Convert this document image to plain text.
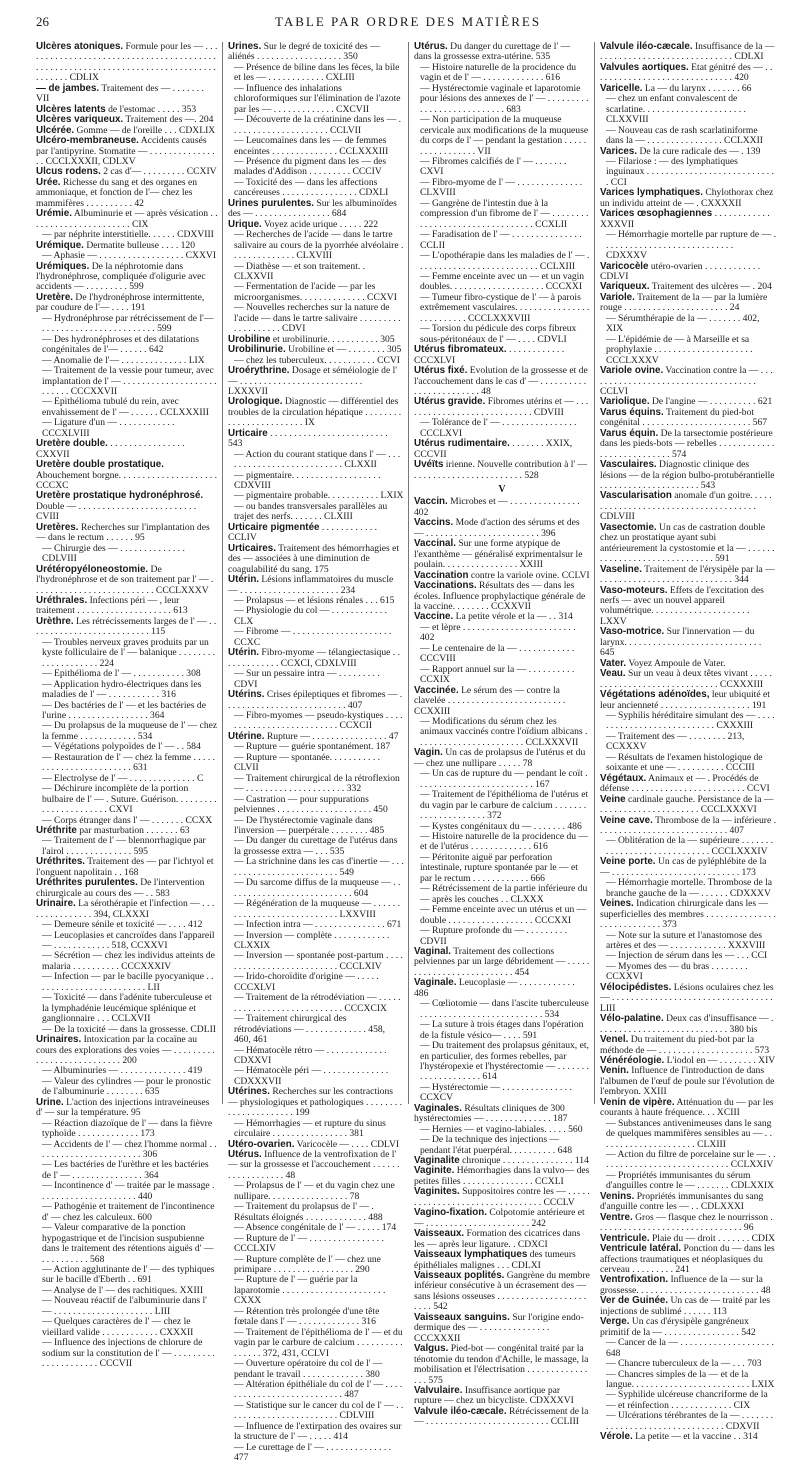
26	TABLE PAR ORDRE DES MATIÈRES

Ulcères atoniques. Formule pour les — . . . . . . . . . . . . . . . . . . . . . . . . . . . . . . . . . . . . . . . . . . . . . . . . . . . . . . . . . . . . . . . . . . . . . . . . . . . . . . . . . . . . . . CDLIX

— de jambes. Traitement des — . . . . . . . VII

Ulcères latents de l'estomac . . . . . 353

Ulcères variqueux. Traitement des —. 204

Ulcérée. Gomme — de l'oreille . . . CDXLIX

Ulcéro-membraneuse. Accidents causés par l'antipyrine. Stomatite — . . . . . . . . . . . . . . . . CCCLXXXII, CDLXV

Ulcus rodens. 2 cas d'— . . . . . . . . . CCXIV

Urée. Richesse du sang et des organes en ammoniaque, et fonction de l'— chez les mammifères . . . . . . . . . . 42

Urémie. Albuminurie et — après vésication . . . . . . . . . . . . . . . . . . . . . . CIX

— par néphrite interstitielle. . . . . . CDXVIII

Urémique. Dermatite bulleuse . . . . 120

— Aphasie — . . . . . . . . . . . . . . . . . . CXXVI

Urémiques. De la néphrotomie dans l'hydronéphrose, compliquée d'oligurie avec accidents — . . . . . . . . . 599

Uretère. De l'hydronéphrose intermittente, par coudure de l'— . . . . 191

— Hydronéphrose par rétrécissement de l'— . . . . . . . . . . . . . . . . . . . . . . . . 599

— Des hydronéphroses et des dilatations congénitales de l'— . . . . . . 642

— Anomalie de l'— . . . . . . . . . . . . . . LIX

— Traitement de la vessie pour tumeur, avec implantation de l' — . . . . . . . . . . . . . . . . . . . . . . . . . . CCCXXVII

— Epithélioma tubulé du rein, avec envahissement de l' — . . . . . . CCLXXXIII

— Ligature d'un — . . . . . . . . . . . . CCCXLVIII

Uretère double. . . . . . . . . . . . . . . . . CXXVII

Uretère double prostatique. Abouchement borgne. . . . . . . . . . . . . . . . . . . . . CCCXC

Uretère prostatique hydronéphrosé. Double — . . . . . . . . . . . . . . . . . . . . . . . . . CVIII

Uretères. Recherches sur l'implantation des — dans le rectum . . . . . . 95

— Chirurgie des — . . . . . . . . . . . . . . CDLVIII

Urétéropyéloneostomie. De l'hydronéphrose et de son traitement par l' — . . . . . . . . . . . . . . . . . . . . . . . . . . CCCLXXXV

Uréthrales. Infections péri — , leur traitement . . . . . . . . . . . . . . . . . . . . 613

Urèthre. Les rétrécissements larges de l' — . . . . . . . . . . . . . . . . . . . . . . . . . . 115

— Troubles nerveux graves produits par un kyste folliculaire de l' — balanique . . . . . . . . . . . . . . . . . . . . 224

— Epithélioma de l' — . . . . . . . . . . . 308

— Application hydro-électriques dans les maladies de l' — . . . . . . . . . . . 316

— Des bactéries de l' — et les bactéries de l'urine . . . . . . . . . . . . . . . . . 364

— Du prolapsus de la muqueuse de l' — chez la femme . . . . . . . . . . . . 534

— Végétations polypoïdes de l' — . . 584

— Restauration de l' — chez la femme . . . . . . . . . . . . . . . . . . . . . . . . 631

— Electrolyse de l' — . . . . . . . . . . . . . . C

— Déchirure incomplète de la portion bulbaire de l' — . Suture. Guérison. . . . . . . . . . . . . . . . . . . . . . . CXVI

— Corps étranger dans l' — . . . . . . . CCXX

Uréthrite par masturbation . . . . . . . 63

— Traitement de l' — blennorrhagique par l'airol . . . . . . . . . . . . . . 595

Uréthrites. Traitement des — par l'ichtyol et l'onguent napolitain . . 168

Uréthrites purulentes. De l'intervention chirurgicale au cours des — . . 583

Urinaire. La sérothérapie et l'infection — . . . . . . . . . . . . . . . 394, CLXXXI

— Demeure sénile et toxicité — . . . . 412

— Leucoplasies et cancroïdes dans l'appareil — . . . . . . . . . . . . 518, CCXXVI

— Sécrétion — chez les individus atteints de malaria . . . . . . . . . . CCCXXXIV

— Infection — par le bacille pyocyanique . . . . . . . . . . . . . . . . . . . . . . . . LII

— Toxicité — dans l'adénite tuberculeuse et la lymphadénie leucémique splénique et ganglionnaire . . . CCLXVII

— De la toxicité — dans la grossesse. CDLII

Urinaires. Intoxication par la cocaïne au cours des explorations des voies — . . . . . . . . . . . . . . . . . . . . . . . . . . . 200

— Albuminuries — . . . . . . . . . . . . . . 419

— Valeur des cylindres — pour le pronostic de l'albuminurie . . . . . . . . 635

Urine. L'action des injections intraveineuses d' — sur la température. 95

— Réaction diazoïque de l' — dans la fièvre typhoïde . . . . . . . . . . . . . 173

— Accidents de l' — chez l'homme normal . . . . . . . . . . . . . . . . . . . . . . . 306

— Les bactéries de l'urèthre et les bactéries de l' — . . . . . . . . . . . . . . . 364

— Incontinence d' — traitée par le massage . . . . . . . . . . . . . . . . . . . . . 440

— Pathogénie et traitement de l'incontinence d' — chez les calculeux. 600

— Valeur comparative de la ponction hypogastrique et de l'incision suspubienne dans le traitement des rétentions aiguës d' — . . . . . . . . . . 568

— Action agglutinante de l' — des typhiques sur le bacille d'Eberth . . 691

— Analyse de l' — des rachitiques. XXIII

— Nouveau réactif de l'albuminurie dans l' — . . . . . . . . . . . . . . . . . . . . . LIII

— Quelques caractères de l' — chez le vieillard valide . . . . . . . . . . . . CXXXII

— Influence des injections de chlorure de sodium sur la constitution de l' — . . . . . . . . . . . . . . . . . . . . . CCCVII

Urines. Sur le degré de toxicité des — aliénés . . . . . . . . . . . . . . . . . . 350

— Présence de biline dans les fèces, la bile et les — . . . . . . . . . . . . CXLIII

— Influence des inhalations chloroformiques sur l'élimination de l'azote par les — . . . . . . . . . . . . . CXCVII

— Découverte de la créatinine dans les — . . . . . . . . . . . . . . . . . . . . . CCLVII

— Leucomaïnes dans les — de femmes enceintes . . . . . . . . . . . . . . CCLXXXIII

— Présence du pigment dans les — des malades d'Addison . . . . . . . . . CCCIV

— Toxicité des — dans les affections cancéreuses . . . . . . . . . . . . . . . . CDXLI

Urines purulentes. Sur les albuminoïdes des — . . . . . . . . . . . . . . . . 684

Urique. Voyez acide urique . . . . . 222

— Recherches de l'acide — dans le tartre salivaire au cours de la pyorrhée alvéolaire . . . . . . . . . . . . . . CLXVIII

— Diathèse — et son traitement. . CLXXVII

— Fermentation de l'acide — par les microorganismes. . . . . . . . . . . . . . CCXVI

— Nouvelles recherches sur la nature de l'acide — dans le tartre salivaire . . . . . . . . . . . . . . . . . . . CDVI

Urobiline et urobilinurie. . . . . . . . . . . 305

Urobilinurie. Urobiline et — . . . . . . . . 305

— chez les tuberculeux. . . . . . . . . . . CCVI

Uroérythrine. Dosage et séméiologie de l' — . . . . . . . . . . . . . . . . . . . . . . . . . . LXXXVII

Urologique. Diagnostic — différentiel des troubles de la circulation hépatique . . . . . . . . . . . . . . . . . . . . . . . . IX

Urticaire . . . . . . . . . . . . . . . . . . . . . . . . . 543

— Action du courant statique dans l' — . . . . . . . . . . . . . . . . . . . . . . . . . . CLXXII

— pigmentaire. . . . . . . . . . . . . . . . . . . CDXVIII

— pigmentaire probable. . . . . . . . . . . LXIX

— ou bandes transversales parallèles au trajet des nerfs. . . . . . . CLXIII

Urticaire pigmentée . . . . . . . . . . . . CCLIV

Urticaires. Traitement des hémorrhagies et des — associées à une diminution de coagulabilité du sang. 175

Utérin. Lésions inflammatoires du muscle — . . . . . . . . . . . . . . . . . . . . . 234

— Prolapsus — et lésions rénales . . . 615

— Physiologie du col — . . . . . . . . . . . . CLX

— Fibrome — . . . . . . . . . . . . . . . . . . . . . CCXC

Utérin. Fibro-myome — télangiectasique . . . . . . . . . . . . . CCXCI, CDXLVIII

— Sur un pessaire intra — . . . . . . . . . CDVI

Utérins. Crises épileptiques et fibromes — . . . . . . . . . . . . . . . . . . . . . . . . . . 407

— Fibro-myomes — pseudo-kystiques . . . . . . . . . . . . . . . . . . . . . . . . . . CCXCII

Utérine. Rupture — . . . . . . . . . . . . . . . . 47

— Rupture — guérie spontanément. 187

— Rupture — spontanée. . . . . . . . . . . CLVII

— Traitement chirurgical de la rétroflexion — . . . . . . . . . . . . . . . . . . . . . 332

— Castration — pour suppurations pelviennes . . . . . . . . . . . . . . . . . . . . 450

— De l'hystérectomie vaginale dans l'inversion — puerpérale . . . . . . . . 485

— Du danger du curettage de l'utérus dans la grossesse extra — . . . 535

— La strichnine dans les cas d'inertie — . . . . . . . . . . . . . . . . . . . . . . . . . 549

— Du sarcome diffus de la muqueuse — . . . . . . . . . . . . . . . . . . . . . . . . . . . 604

— Régénération de la muqueuse — . . . . . . . . . . . . . . . . . . . . . . . . . . . . LXXVIII

— Infection intra — . . . . . . . . . . . . . . . 671

— Inversion — complète . . . . . . . . . . . . CLXXIX

— Inversion — spontanée post-partum . . . . . . . . . . . . . . . . . . . . . . . . . . CCCLXIV

— Irido-choroïdite d'origine — . . . . . CCCXLVI

— Traitement de la rétrodéviation — . . . . . . . . . . . . . . . . . . . . . . . . . . . . CCCXCIX

— Traitement chirurgical des rétrodéviations — . . . . . . . . . . . . . 458, 460, 461

— Hématocèle rétro — . . . . . . . . . . . . . CDXXVI

— Hématocèle péri — . . . . . . . . . . . . . . CDXXXVII

Utérines. Recherches sur les contractions — physiologiques et pathologiques . . . . . . . . . . . . . . . . . . . . . . 199

— Hémorrhagies — et rupture du sinus circulaire . . . . . . . . . . . . . . . . 381

Utéro-ovarien. Varicocèle — . . . . CDLVI

Utérus. Influence de la ventrofixation de l' — sur la grossesse et l'accouchement . . . . . . . . . . . . . . . . . . 48

— Prolapsus de l' — et du vagin chez une nullipare. . . . . . . . . . . . . . . . . 78

— Traitement du prolapsus de l' — . Résultats éloignés . . . . . . . . . . . . . 488

— Absence congénitale de l' — . . . . . 174

— Rupture de l' — . . . . . . . . . . . . . . . . CCCLXIV

— Rupture complète de l' — chez une primipare . . . . . . . . . . . . . . . . . 290

— Rupture de l' — guérie par la laparotomie . . . . . . . . . . . . . . . . . . . . . . CXXX

— Rétention très prolongée d'une tête fœtale dans l' — . . . . . . . . . . . . . 316

— Traitement de l'épithélioma de l' — et du vagin par le carbure de calcium . . . . . . . . . . . . . . . . 372, 431, CCLVI

— Ouverture opératoire du col de l' — pendant le travail . . . . . . . . . . . . . 380

— Altération épithéliale du col de l' — . . . . . . . . . . . . . . . . . . . . . . . . . . . 487

— Statistique sur le cancer du col de l' — . . . . . . . . . . . . . . . . . . . . . . . . CDLVIII

— Influence de l'extirpation des ovaires sur la structure de l' — . . . . . 414

— Le curettage de l' — . . . . . . . . . . . . . . 477

Utérus. Du danger du curettage de l' — dans la grossesse extra-utérine. 535

— Histoire naturelle de la procidence du vagin et de l' — . . . . . . . . . . . . . 616

— Hystérectomie vaginale et laparotomie pour lésions des annexes de l' — . . . . . . . . . . . . . . . . . . . . . . . . . . . 683

— Non participation de la muqueuse cervicale aux modifications de la muqueuse du corps de l' — pendant la gestation . . . . . . . . . . . . . . . . . VII

— Fibromes calcifiés de l' — . . . . . . . CXVI

— Fibro-myome de l' — . . . . . . . . . . . . . . CLXVIII

— Gangrène de l'intestin due à la compression d'un fibrome de l' — . . . . . . . . . . . . . . . . . . . . . . . . . . . . . . . . CCXLII

— Faradisation de l' — . . . . . . . . . . . . . . . CCLII

— L'opothérapie dans les maladies de l' — . . . . . . . . . . . . . . . . . . . . . . . . . . CCLXIII

— Femme enceinte avec un — et un vagin doubles. . . . . . . . . . . . . . . . . . . . CCCXXI

— Tumeur fibro-cystique de l' — à parois extrêmement vasculaires. . . . . . . . . . . . . . . . . . . . . . . . . . CCCLXXXVIII

— Torsion du pédicule des corps fibreux sous-péritonéaux de l' — . . . . CDVLI

Utérus fibromateux. . . . . . . . . . . . . CCCXLVI

Utérus fixé. Evolution de la grossesse et de l'accouchement dans le cas d' — . . . . . . . . . . . . . . . . . . . . . . . . 48

Utérus gravide. Fibromes utérins et — . . . . . . . . . . . . . . . . . . . . . . . . . . . . CDVIII

— Tolérance de l' — . . . . . . . . . . . . . . . . CCCLXVI

Utérus rudimentaire. . . . . . . . XXIX, CCCVII

Uvéïts irienne. Nouvelle contribution à l' — . . . . . . . . . . . . . . . . . . . . . . . 528

V

Vaccin. Microbes et — . . . . . . . . . . . . . . . 402

Vaccins. Mode d'action des sérums et des — . . . . . . . . . . . . . . . . . . . . . . . . 396

Vaccinal. Sur une forme atypique de l'exanthème — généralisé exprimentalsur le poulain. . . . . . . . . . . . . . . . XXIII

Vaccination contre la variole ovine. CCLVI

Vaccinations. Résultats des — dans les écoles. Influence prophylactique générale de la vaccine. . . . . . . . CCXXVII

Vaccine. La petite vérole et la — . . 314

— et lèpre . . . . . . . . . . . . . . . . . . . . . . . . 402

— Le centenaire de la — . . . . . . . . . . . . CCCVIII

— Rapport annuel sur la — . . . . . . . . . . CCXIX

Vaccinée. Le sérum des — contre la clavelée . . . . . . . . . . . . . . . . . . . . . . . . . CCXXIII

— Modifications du sérum chez les animaux vaccinés contre l'oïdium albicans . . . . . . . . . . . . . . . . . . . . . . . CCLXXXVII

Vagin. Un cas de prolapsus de l'utérus et du — chez une nullipare . . . . . 78

— Un cas de rupture du — pendant le coït . . . . . . . . . . . . . . . . . . . . . . . . . 167

— Traitement de l'épithélioma de l'utérus et du vagin par le carbure de calcium . . . . . . . . . . . . . . . . . . . . . 372

— Kystes congénitaux du — . . . . . . . 486

— Histoire naturelle de la procidence du — et de l'utérus . . . . . . . . . . . . . 616

— Péritonite aiguë par perforation intestinale, rupture spontanée par le — et par le rectum . . . . . . . . . . . . 666

— Rétrécissement de la partie inférieure du — après les couches . . CLXXX

— Femme enceinte avec un utérus et un — double . . . . . . . . . . . . . . . . . . CCCXXI

— Rupture profonde du — . . . . . . . . . CDVII

Vaginal. Traitement des collections pelviennes par un large débridement — . . . . . . . . . . . . . . . . . . . . . . . . . . 454

Vaginale. Leucoplasie — . . . . . . . . . . . . 486

— Cœliotomie — dans l'ascite tuberculeuse . . . . . . . . . . . . . . . . . . . . . . . . . . 534

— La suture à trois étages dans l'opération de la fistule vésico— . . . . 591

— Du traitement des prolapsus génitaux, et, en particulier, des formes rebelles, par l'hystéropexie et l'hystérectomie — . . . . . . . . . . . . . . . . . . . . 614

— Hystérectomie — . . . . . . . . . . . . . . . CCXCV

Vaginales. Résultats cliniques de 300 hystérectomies — . . . . . . . . . . . . . . 187

— Hernies — et vagino-labiales. . . . . 560

— De la technique des injections — pendant l'état puerpéral. . . . . . . . . . 648

Vaginalite chronique . . . . . . . . . . . . . . . 114

Vaginite. Hémorrhagies dans la vulvo— des petites filles . . . . . . . . . . . . . . . CCXLI

Vaginites. Suppositoires contre les — . . . . . . . . . . . . . . . . . . . . . . . . . . . . . . . . CCCLV

Vagino-fixation. Colpotomie antérieure et — . . . . . . . . . . . . . . . . . . . . . . 242

Vaisseaux. Formation des cicatrices dans les — après leur ligature. . CDXCI

Vaisseaux lymphatiques des tumeurs épithéliales malignes . . . CDLXI

Vaisseaux poplités. Gangrène du membre inférieur consécutive à un écrasement des — sans lésions osseuses . . . . . . . . . . . . . . . . . . . . . . . 542

Vaisseaux sanguins. Sur l'origine endo-dermique des — . . . . . . . . . . . . . . . CCCXXXII

Valgus. Pied-bot — congénital traité par la ténotomie du tendon d'Achille, le massage, la mobilisation et l'électrisation . . . . . . . . . . . . . . . . 575

Valvulaire. Insuffisance aortique par rupture — chez un bicycliste. CDXXXVI

Valvule iléo-cæcale. Rétrécissement de la — . . . . . . . . . . . . . . . . . . . . . . . . . . CCLIII

Valvule iléo-cæcale. Insuffisance de la — . . . . . . . . . . . . . . . . . . . . . . . . . . . . CDLXI

Valvules aortiques. Etat génitré des — . . . . . . . . . . . . . . . . . . . . . . . . . . . . . . 420

Varicelle. La — du larynx . . . . . . . 66

— chez un enfant convalescent de scarlatine. . . . . . . . . . . . . . . . . . . . . . CLXXVIII

— Nouveau cas de rash scarlatiniforme dans la — . . . . . . . . . . . . . . . . CCLXXII

Varices. De la cure radicale des — . 139

— Filariose : — des lymphatiques inguinaux . . . . . . . . . . . . . . . . . . . . . . . . . . . . CCI

Varices lymphatiques. Chylothorax chez un individu atteint de — . CXXXXII

Varices œsophagiennes . . . . . . . . . . . . XXXVII

— Hémorrhagie mortelle par rupture de — . . . . . . . . . . . . . . . . . . . . . . . . . . . . CDXXXV

Varicocèle utéro-ovarien . . . . . . . . . . . . CDLVI

Variqueux. Traitement des ulcères — . 204

Variole. Traitement de la — par la lumière rouge . . . . . . . . . . . . . . . . . . . . . . 24

— Sérumthérapie de la — . . . . . . . 402, XIX

— L'épidémie de — à Marseille et sa prophylaxie . . . . . . . . . . . . . . . . . . . . . CCCLXXXV

Variole ovine. Vaccination contre la — . . . . . . . . . . . . . . . . . . . . . . . . . . . . . . . . . . . . CCLVI

Variolique. De l'angine — . . . . . . . . . . 621

Varus équins. Traitement du pied-bot congénital . . . . . . . . . . . . . . . . . . . . . . . 567

Varus équin. De la tarsectomie postérieure dans les pieds-bots — rebelles . . . . . . . . . . . . . . . . . . . . . . . . . . . 574

Vasculaires. Diagnostic clinique des lésions — de la région bulbo-protubérantielle . . . . . . . . . . . . . . . . . . . . . 543

Vascularisation anomale d'un goitre. . . . . . . . . . . . . . . . . . . . . . . . . . . . . . . . . . . . . . CDLVIII

Vasectomie. Un cas de castration double chez un prostatique ayant subi antérieurement la cystostomie et la — . . . . . . . . . . . . . . . . . . . . . . . . . . . . . . 591

Vaseline. Traitement de l'érysipèle par la — . . . . . . . . . . . . . . . . . . . . . . . . . . . . 344

Vaso-moteurs. Effets de l'excitation des nerfs — avec un nouvel appareil volumétrique. . . . . . . . . . . . . . . . . . . . . LXXV

Vaso-motrice. Sur l'innervation — du larynx. . . . . . . . . . . . . . . . . . . . . . . . . . . . . 645

Vater. Voyez Ampoule de Vater.

Veau. Sur un veau à deux têtes vivant . . . . . . . . . . . . . . . . . . . . . . . . . . . . . . CCXXXIII

Végétations adénoïdes, leur ubiquité et leur ancienneté . . . . . . . . . . . . . . . . . . . 191

— Syphilis héréditaire simulant des — . . . . . . . . . . . . . . . . . . . . . . . . . . . CXXXIII

— Traitement des — . . . . . . . . 213, CCXXXV

— Résultats de l'examen histologique de soixante et une — . . . . . . . . . . CCCIII

Végétaux. Animaux et — . Procédés de défense . . . . . . . . . . . . . . . . . . . . . . . . CCVI

Veine cardinale gauche. Persistance de la — . . . . . . . . . . . . . . . . . . . . . CCCLXXXVI

Veine cave. Thrombose de la — inférieure . . . . . . . . . . . . . . . . . . . . . . . . . . . . 407

— Oblitération de la — supérieure . . . . . . . . . . . . . . . . . . . . . . . . . . . . . CCCLXXXIV

Veine porte. Un cas de pyléphlébite de la — . . . . . . . . . . . . . . . . . . . . . . . . . . . 173

— Hémorrhagie mortelle. Thrombose de la branche gauche de la — . . . . . . CDXXXV

Veines. Indication chirurgicale dans les — superficielles des membres . . . . . . . . . . . . . . . . . . . . . . . . . . . . 373

— Note sur la suture et l'anastomose des artères et des — . . . . . . . . . . . . XXXVIII

— Injection de sérum dans les — . . . CCI

— Myomes des — du bras . . . . . . . . CCXXVI

Vélocipédistes. Lésions oculaires chez les — . . . . . . . . . . . . . . . . . . . . . . . . . . . . . . . . . . LIII

Vélo-palatine. Deux cas d'insuffisance — . . . . . . . . . . . . . . . . . . . . . . . . . . . . 380 bis

Venel. Du traitement du pied-bot par la méthode de — . . . . . . . . . . . . . . . . . . . . 573

Vénéréologie. L'iodol en — . . . . . . . . XIV

Venin. Influence de l'introduction de dans l'albumen de l'œuf de poule sur l'évolution de l'embryon. XXIII

Venin de vipère. Atténuation du — par les courants à haute fréquence. . . XCIII

— Substances antivenimeuses dans le sang de quelques mammifères sensibles au — . . . . . . . . . . . . . . . . . . . . . CLXIII

— Action du filtre de porcelaine sur le — . . . . . . . . . . . . . . . . . . . . . . . . . . . . CCLXXIV

— Propriétés immunisantes du sérum d'anguilles contre le — . . . . . . . CDLXXIX

Venins. Propriétés immunisantes du sang d'anguille contre les — . . CDLXXXI

Ventre. Gros — flasque chez le nourrisson . . . . . . . . . . . . . . . . . . . . . . . . . . . . . . . 96

Ventricule. Plaie du — droit . . . . . . . CDIX

Ventricule latéral. Ponction du — dans les affections traumatiques et néoplasiques du cerveau . . . . . . . . . 241

Ventrofixation. Influence de la — sur la grossesse. . . . . . . . . . . . . . . . . . . . . . . . . . 48

Ver de Guinée. Un cas de — traité par les injections de sublimé . . . . . . 113

Verge. Un cas d'érysipèle gangréneux primitif de la — . . . . . . . . . . . . . . . . 542

— Cancer de la — . . . . . . . . . . . . . . . . . . . . 648

— Chancre tuberculeux de la — . . . 703

— Chancres simples de la — et de la langue. . . . . . . . . . . . . . . . . . . . . . . . . LXIX

— Syphilide ulcéreuse chancriforme de la — et réinfection . . . . . . . . . . . . . CIX

— Ulcérations térébrantes de la — . . . . . . . . . . . . . . . . . . . . . . . . . . . . . . . . CDXVII

Vérole. La petite — et la vaccine . . 314
